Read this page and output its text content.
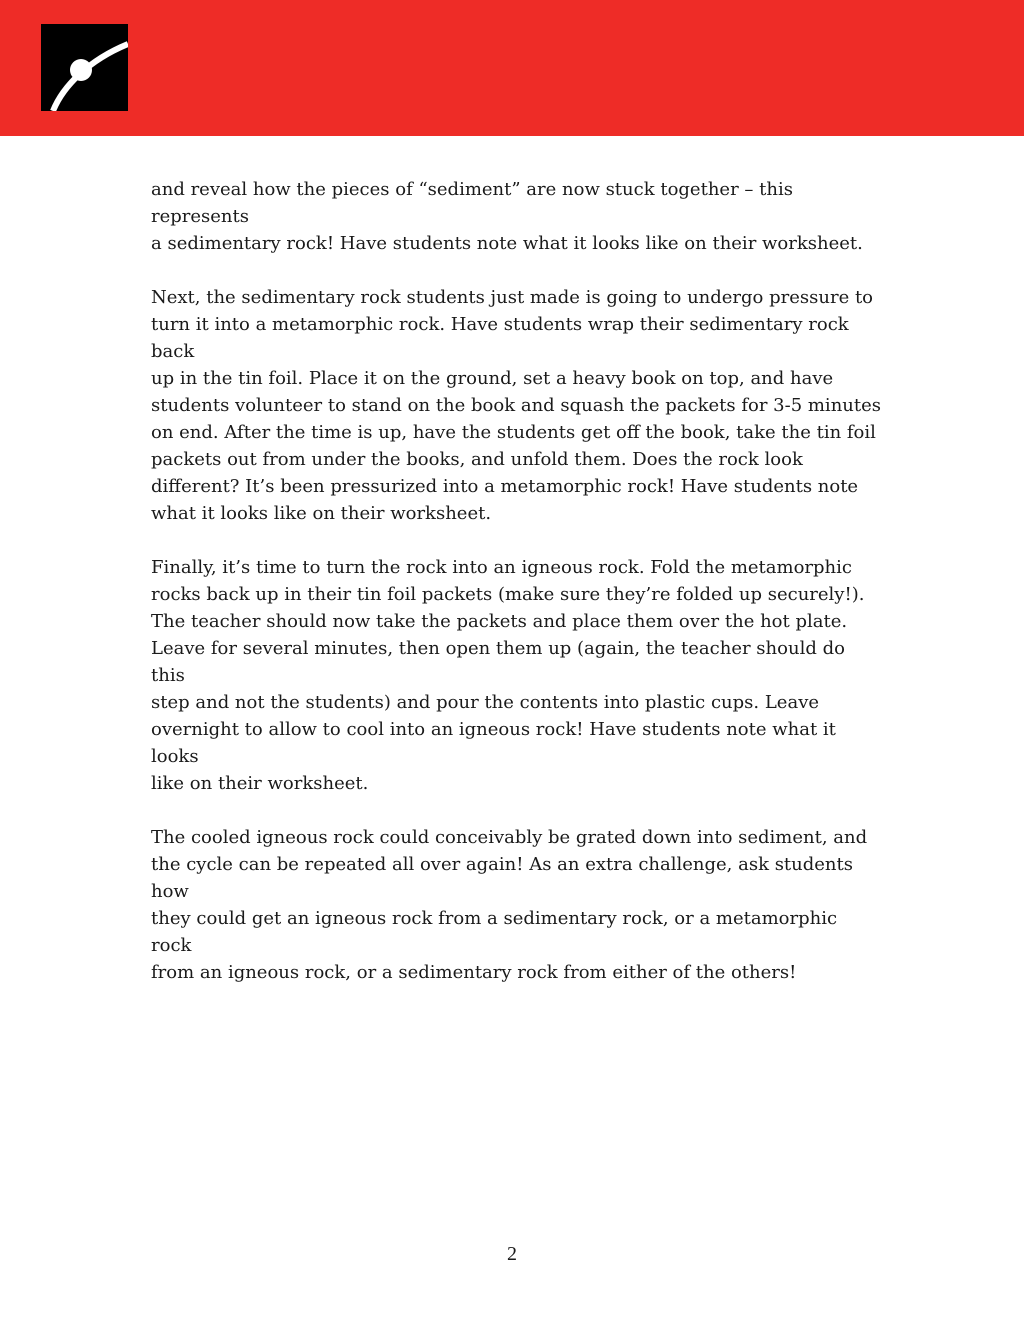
and reveal how the pieces of “sediment” are now stuck together – this represents
a sedimentary rock! Have students note what it looks like on their worksheet.

Next, the sedimentary rock students just made is going to undergo pressure to
turn it into a metamorphic rock. Have students wrap their sedimentary rock back
up in the tin foil. Place it on the ground, set a heavy book on top, and have
students volunteer to stand on the book and squash the packets for 3-5 minutes
on end. After the time is up, have the students get off the book, take the tin foil
packets out from under the books, and unfold them. Does the rock look
different? It’s been pressurized into a metamorphic rock! Have students note
what it looks like on their worksheet.

Finally, it’s time to turn the rock into an igneous rock. Fold the metamorphic
rocks back up in their tin foil packets (make sure they’re folded up securely!).
The teacher should now take the packets and place them over the hot plate.
Leave for several minutes, then open them up (again, the teacher should do this
step and not the students) and pour the contents into plastic cups. Leave
overnight to allow to cool into an igneous rock! Have students note what it looks
like on their worksheet.

The cooled igneous rock could conceivably be grated down into sediment, and
the cycle can be repeated all over again! As an extra challenge, ask students how
they could get an igneous rock from a sedimentary rock, or a metamorphic rock
from an igneous rock, or a sedimentary rock from either of the others!

2
